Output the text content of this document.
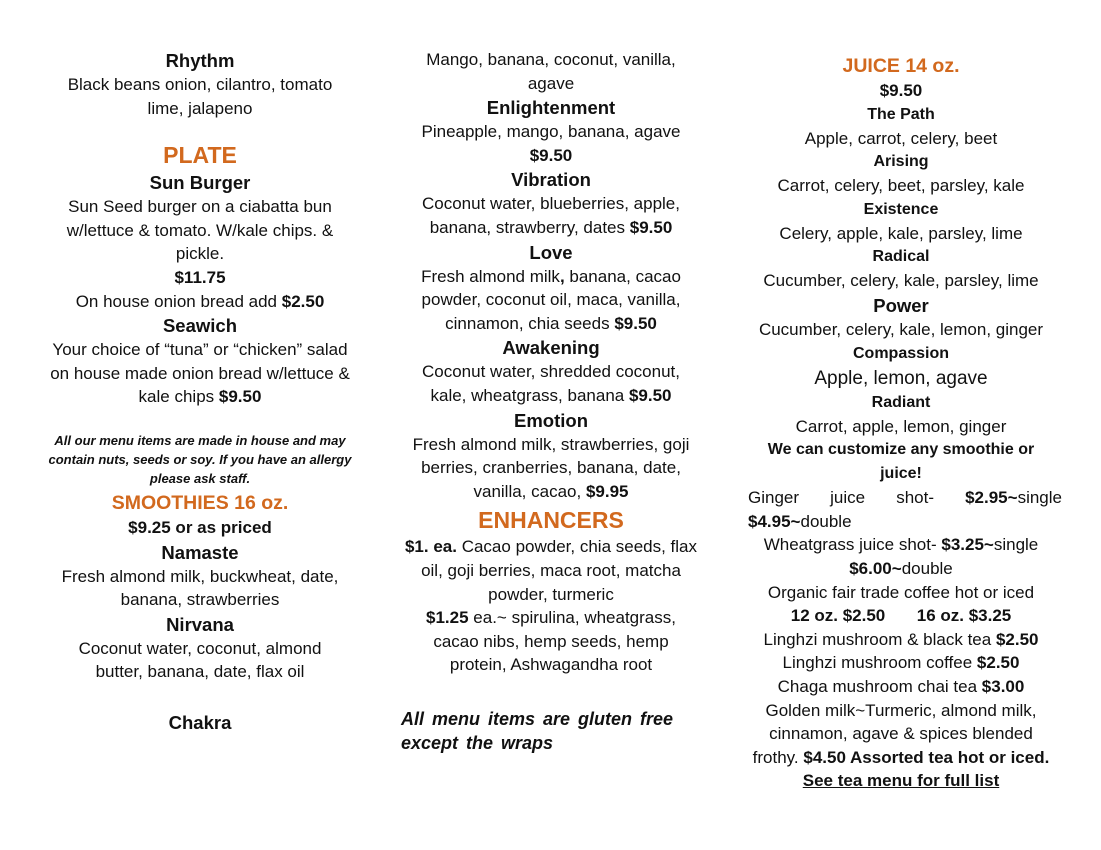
Rhythm
Black beans onion, cilantro, tomato lime, jalapeno
PLATE
Sun Burger
Sun Seed burger on a ciabatta bun w/lettuce & tomato. W/kale chips. & pickle.
$11.75
On house onion bread add $2.50
Seawich
Your choice of “tuna” or “chicken” salad on house made onion bread w/lettuce & kale chips $9.50
All our menu items are made in house and may contain nuts, seeds or soy. If you have an allergy please ask staff.
SMOOTHIES 16 oz.
$9.25 or as priced
Namaste
Fresh almond milk, buckwheat, date, banana, strawberries
Nirvana
Coconut water, coconut, almond butter, banana, date, flax oil
Chakra
Mango, banana, coconut, vanilla, agave
Enlightenment
Pineapple, mango, banana, agave
$9.50
Vibration
Coconut water, blueberries, apple, banana, strawberry, dates $9.50
Love
Fresh almond milk, banana, cacao powder, coconut oil, maca, vanilla, cinnamon, chia seeds $9.50
Awakening
Coconut water, shredded coconut, kale, wheatgrass, banana $9.50
Emotion
Fresh almond milk, strawberries, goji berries, cranberries, banana, date, vanilla, cacao, $9.95
ENHANCERS
$1. ea. Cacao powder, chia seeds, flax oil, goji berries, maca root, matcha powder, turmeric
$1.25 ea.~ spirulina, wheatgrass, cacao nibs, hemp seeds, hemp protein, Ashwagandha root
All menu items are gluten free except the wraps
JUICE 14 oz.
$9.50
The Path
Apple, carrot, celery, beet
Arising
Carrot, celery, beet, parsley, kale
Existence
Celery, apple, kale, parsley, lime
Radical
Cucumber, celery, kale, parsley, lime
Power
Cucumber, celery, kale, lemon, ginger
Compassion
Apple, lemon, agave
Radiant
Carrot, apple, lemon, ginger
We can customize any smoothie or juice!
Ginger juice shot- $2.95~single
$4.95~double
Wheatgrass juice shot- $3.25~single
$6.00~double
Organic fair trade coffee hot or iced
12 oz. $2.50 16 oz. $3.25
Linghzi mushroom & black tea $2.50
Linghzi mushroom coffee $2.50
Chaga mushroom chai tea $3.00
Golden milk~Turmeric, almond milk, cinnamon, agave & spices blended frothy. $4.50 Assorted tea hot or iced. See tea menu for full list
